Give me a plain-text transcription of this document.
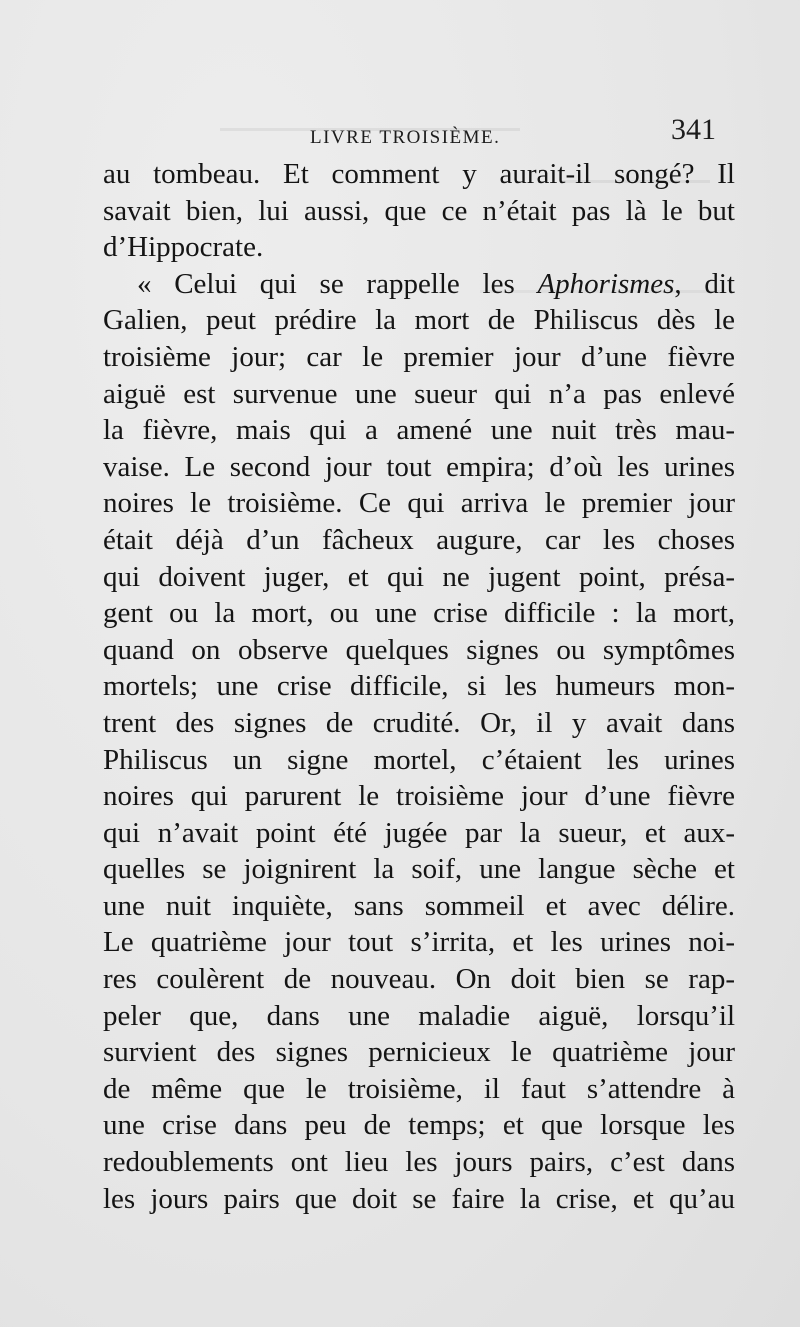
LIVRE TROISIÈME.	341
au tombeau. Et comment y aurait-il songé? Il
savait bien, lui aussi, que ce n’était pas là le but
d’Hippocrate.
« Celui qui se rappelle les Aphorismes, dit
Galien, peut prédire la mort de Philiscus dès le
troisième jour; car le premier jour d’une fièvre
aiguë est survenue une sueur qui n’a pas enlevé
la fièvre, mais qui a amené une nuit très mau-
vaise. Le second jour tout empira; d’où les urines
noires le troisième. Ce qui arriva le premier jour
était déjà d’un fâcheux augure, car les choses
qui doivent juger, et qui ne jugent point, présa-
gent ou la mort, ou une crise difficile : la mort,
quand on observe quelques signes ou symptômes
mortels; une crise difficile, si les humeurs mon-
trent des signes de crudité. Or, il y avait dans
Philiscus un signe mortel, c’étaient les urines
noires qui parurent le troisième jour d’une fièvre
qui n’avait point été jugée par la sueur, et aux-
quelles se joignirent la soif, une langue sèche et
une nuit inquiète, sans sommeil et avec délire.
Le quatrième jour tout s’irrita, et les urines noi-
res coulèrent de nouveau. On doit bien se rap-
peler que, dans une maladie aiguë, lorsqu’il
survient des signes pernicieux le quatrième jour
de même que le troisième, il faut s’attendre à
une crise dans peu de temps; et que lorsque les
redoublements ont lieu les jours pairs, c’est dans
les jours pairs que doit se faire la crise, et qu’au
